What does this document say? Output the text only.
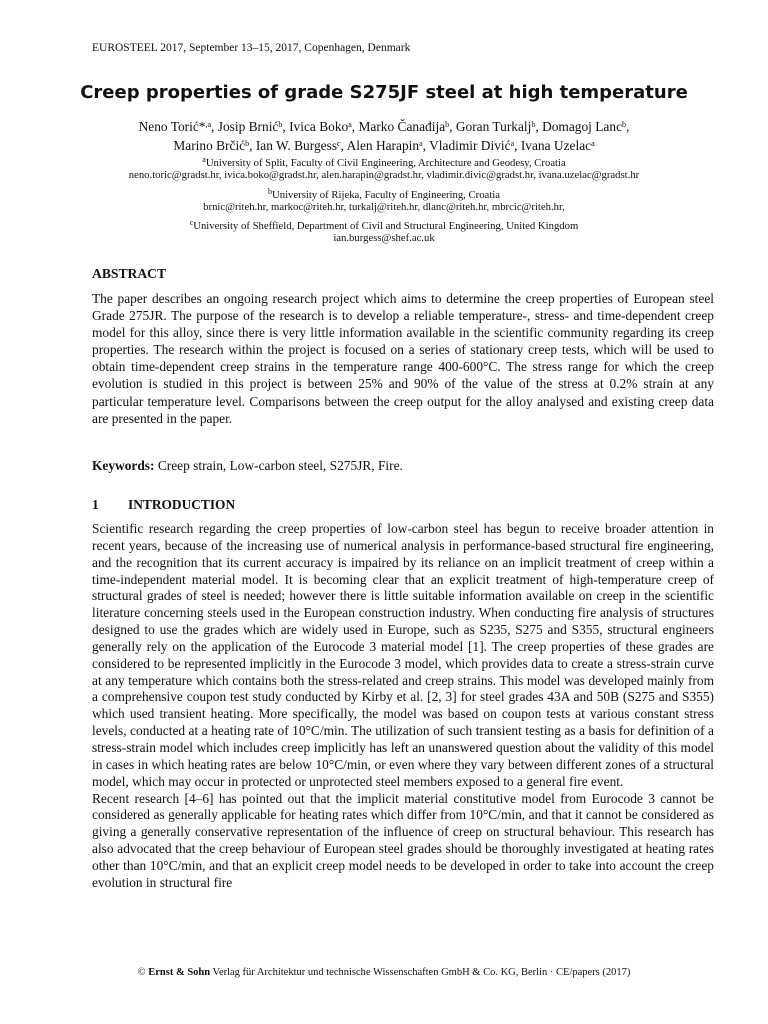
EUROSTEEL 2017, September 13–15, 2017, Copenhagen, Denmark
Creep properties of grade S275JF steel at high temperature
Neno Torić*$^{,a}$, Josip Brnić$^b$, Ivica Boko$^a$, Marko Čanađija$^b$, Goran Turkalj$^b$, Domagoj Lanc$^b$,
Marino Brčić$^b$, Ian W. Burgess$^c$, Alen Harapin$^a$, Vladimir Divić$^a$, Ivana Uzelac$^a$
$^a$University of Split, Faculty of Civil Engineering, Architecture and Geodesy, Croatia
neno.toric@gradst.hr, ivica.boko@gradst.hr, alen.harapin@gradst.hr, vladimir.divic@gradst.hr, ivana.uzelac@gradst.hr
$^b$University of Rijeka, Faculty of Engineering, Croatia
brnic@riteh.hr, markoc@riteh.hr, turkalj@riteh.hr, dlanc@riteh.hr, mbrcic@riteh.hr,
$^c$University of Sheffield, Department of Civil and Structural Engineering, United Kingdom
ian.burgess@shef.ac.uk
ABSTRACT

The paper describes an ongoing research project which aims to determine the creep properties of European steel Grade 275JR. The purpose of the research is to develop a reliable temperature-, stress- and time-dependent creep model for this alloy, since there is very little information available in the scientific community regarding its creep properties. The research within the project is focused on a series of stationary creep tests, which will be used to obtain time-dependent creep strains in the temperature range 400-600°C. The stress range for which the creep evolution is studied in this project is between 25% and 90% of the value of the stress at 0.2% strain at any particular temperature level. Comparisons between the creep output for the alloy analysed and existing creep data are presented in the paper.

Keywords: Creep strain, Low-carbon steel, S275JR, Fire.
1 INTRODUCTION
Scientific research regarding the creep properties of low-carbon steel has begun to receive broader attention in recent years, because of the increasing use of numerical analysis in performance-based structural fire engineering, and the recognition that its current accuracy is impaired by its reliance on an implicit treatment of creep within a time-independent material model. It is becoming clear that an explicit treatment of high-temperature creep of structural grades of steel is needed; however there is little suitable information available on creep in the scientific literature concerning steels used in the European construction industry. When conducting fire analysis of structures designed to use the grades which are widely used in Europe, such as S235, S275 and S355, structural engineers generally rely on the application of the Eurocode 3 material model [1]. The creep properties of these grades are considered to be represented implicitly in the Eurocode 3 model, which provides data to create a stress-strain curve at any temperature which contains both the stress-related and creep strains. This model was developed mainly from a comprehensive coupon test study conducted by Kirby et al. [2, 3] for steel grades 43A and 50B (S275 and S355) which used transient heating. More specifically, the model was based on coupon tests at various constant stress levels, conducted at a heating rate of 10°C/min. The utilization of such transient testing as a basis for definition of a stress-strain model which includes creep implicitly has left an unanswered question about the validity of this model in cases in which heating rates are below 10°C/min, or even where they vary between different zones of a structural model, which may occur in protected or unprotected steel members exposed to a general fire event.
Recent research [4–6] has pointed out that the implicit material constitutive model from Eurocode 3 cannot be considered as generally applicable for heating rates which differ from 10°C/min, and that it cannot be considered as giving a generally conservative representation of the influence of creep on structural behaviour. This research has also advocated that the creep behaviour of European steel grades should be thoroughly investigated at heating rates other than 10°C/min, and that an explicit creep model needs to be developed in order to take into account the creep evolution in structural fire
© Ernst & Sohn Verlag für Architektur und technische Wissenschaften GmbH & Co. KG, Berlin · CE/papers (2017)
